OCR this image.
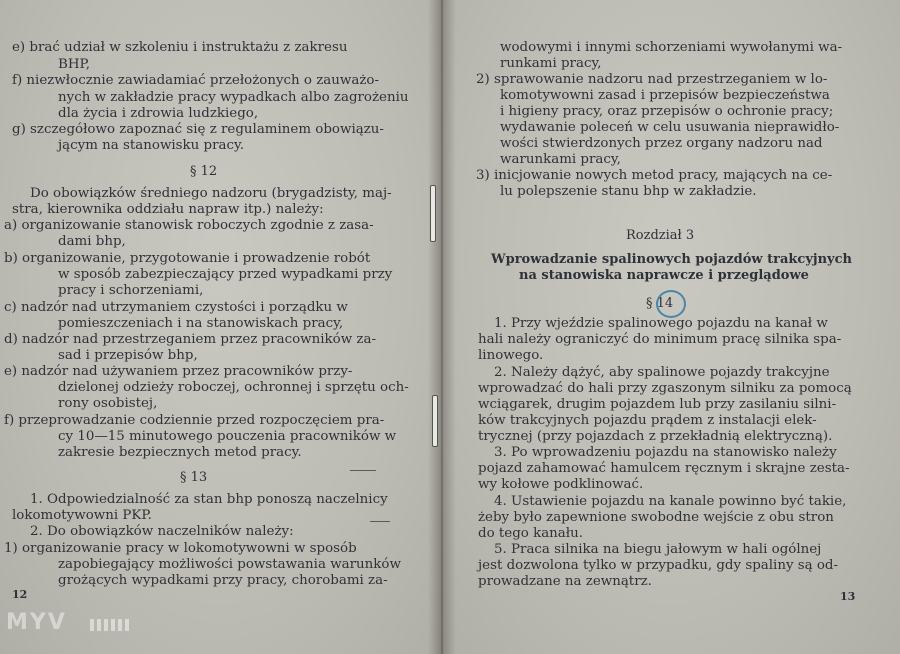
e) brać udział w szkoleniu i instruktażu z zakresu
BHP,
f) niezwłocznie zawiadamiać przełożonych o zauważo-
nych w zakładzie pracy wypadkach albo zagrożeniu
dla życia i zdrowia ludzkiego,
g) szczegółowo zapoznać się z regulaminem obowiązu-
jącym na stanowisku pracy.
§ 12
Do obowiązków średniego nadzoru (brygadzisty, maj-
stra, kierownika oddziału napraw itp.) należy:
a) organizowanie stanowisk roboczych zgodnie z zasa-
dami bhp,
b) organizowanie, przygotowanie i prowadzenie robót
w sposób zabezpieczający przed wypadkami przy
pracy i schorzeniami,
c) nadzór nad utrzymaniem czystości i porządku w
pomieszczeniach i na stanowiskach pracy,
d) nadzór nad przestrzeganiem przez pracowników za-
sad i przepisów bhp,
e) nadzór nad używaniem przez pracowników przy-
dzielonej odzieży roboczej, ochronnej i sprzętu och-
rony osobistej,
f) przeprowadzanie codziennie przed rozpoczęciem pra-
cy 10—15 minutowego pouczenia pracowników w
zakresie bezpiecznych metod pracy.
§ 13
1. Odpowiedzialność za stan bhp ponoszą naczelnicy
lokomotywowni PKP.
2. Do obowiązków naczelników należy:
1) organizowanie pracy w lokomotywowni w sposób
zapobiegający możliwości powstawania warunków
grożących wypadkami przy pracy, chorobami za-
12
wodowymi i innymi schorzeniami wywołanymi wa-
runkami pracy,
2) sprawowanie nadzoru nad przestrzeganiem w lo-
komotywowni zasad i przepisów bezpieczeństwa
i higieny pracy, oraz przepisów o ochronie pracy;
wydawanie poleceń w celu usuwania nieprawidło-
wości stwierdzonych przez organy nadzoru nad
warunkami pracy,
3) inicjowanie nowych metod pracy, mających na ce-
lu polepszenie stanu bhp w zakładzie.
Rozdział 3
Wprowadzanie spalinowych pojazdów trakcyjnych
na stanowiska naprawcze i przeglądowe
§ 14
1. Przy wjeździe spalinowego pojazdu na kanał w
hali należy ograniczyć do minimum pracę silnika spa-
linowego.
2. Należy dążyć, aby spalinowe pojazdy trakcyjne
wprowadzać do hali przy zgaszonym silniku za pomocą
wciągarek, drugim pojazdem lub przy zasilaniu silni-
ków trakcyjnych pojazdu prądem z instalacji elek-
trycznej (przy pojazdach z przekładnią elektryczną).
3. Po wprowadzeniu pojazdu na stanowisko należy
pojazd zahamować hamulcem ręcznym i skrajne zesta-
wy kołowe podklinować.
4. Ustawienie pojazdu na kanale powinno być takie,
żeby było zapewnione swobodne wejście z obu stron
do tego kanału.
5. Praca silnika na biegu jałowym w hali ogólnej
jest dozwolona tylko w przypadku, gdy spaliny są od-
prowadzane na zewnątrz.
13
MYV
